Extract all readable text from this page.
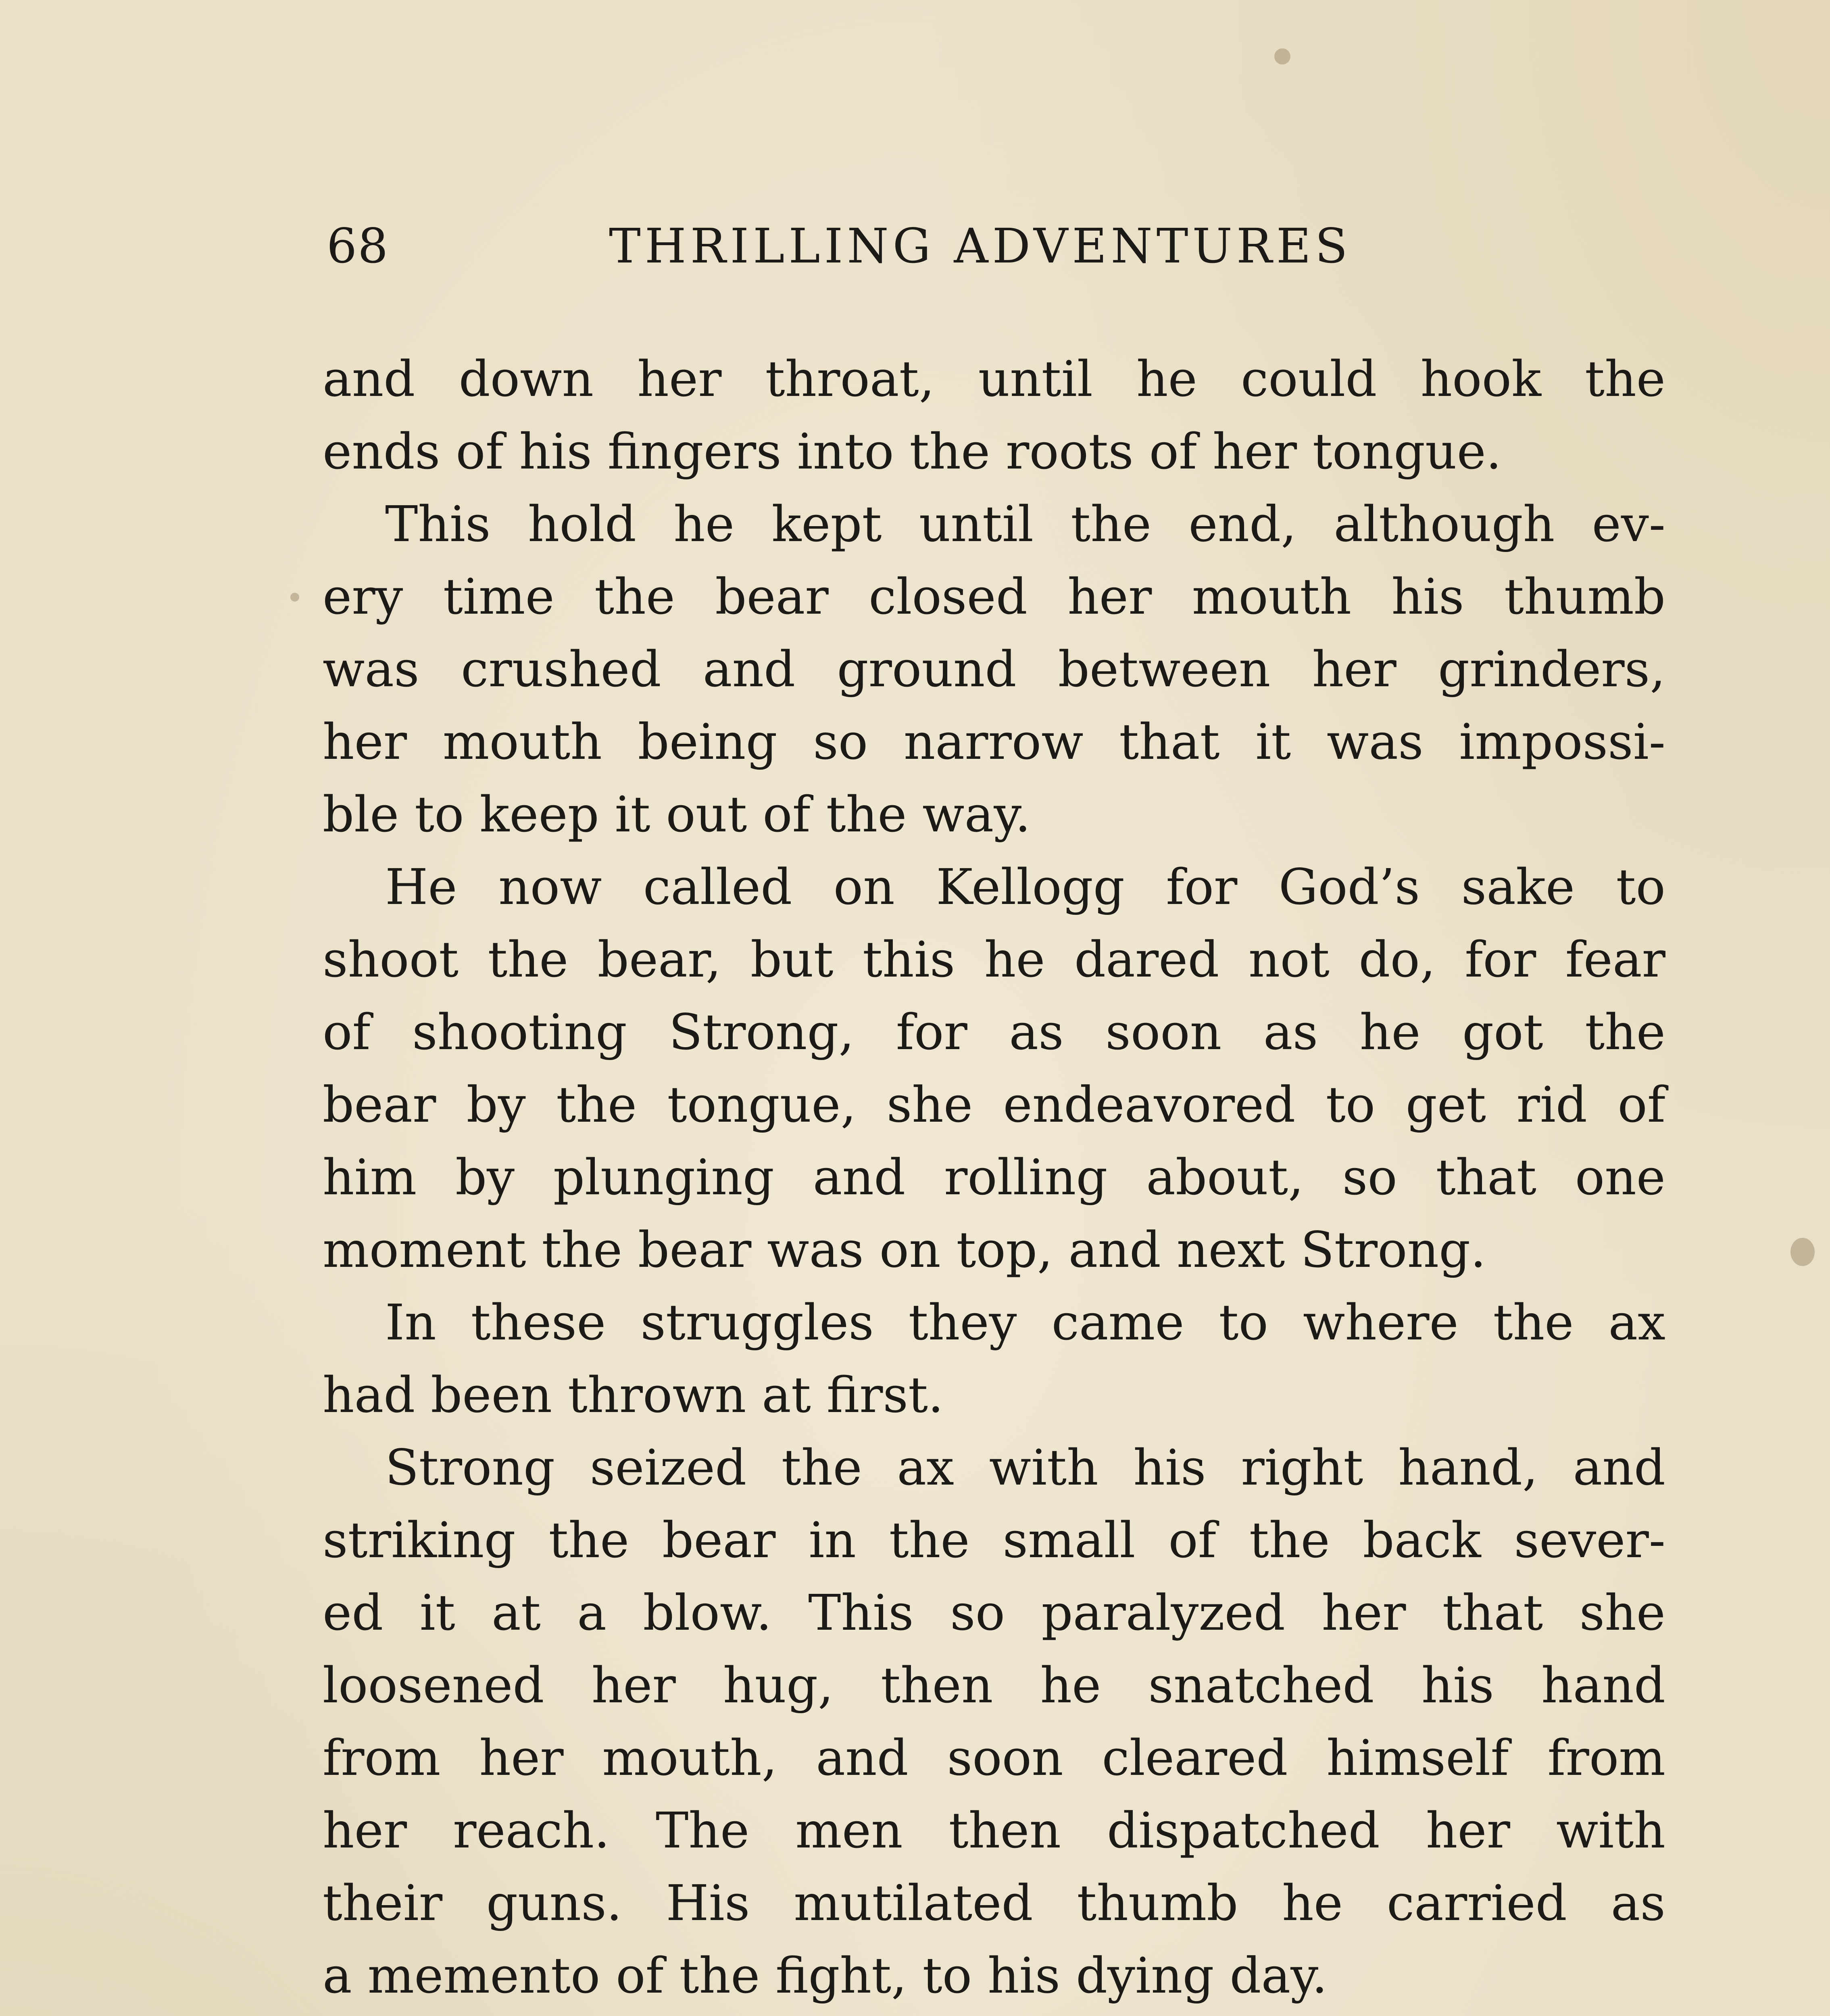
68	THRILLING ADVENTURES
and down her throat, until he could hook the
ends of his fingers into the roots of her tongue.
This hold he kept until the end, although ev-
ery time the bear closed her mouth his thumb
was crushed and ground between her grinders,
her mouth being so narrow that it was impossi-
ble to keep it out of the way.
He now called on Kellogg for God’s sake to
shoot the bear, but this he dared not do, for fear
of shooting Strong, for as soon as he got the
bear by the tongue, she endeavored to get rid of
him by plunging and rolling about, so that one
moment the bear was on top, and next Strong.
In these struggles they came to where the ax
had been thrown at first.
Strong seized the ax with his right hand, and
striking the bear in the small of the back sever-
ed it at a blow. This so paralyzed her that she
loosened her hug, then he snatched his hand
from her mouth, and soon cleared himself from
her reach. The men then dispatched her with
their guns. His mutilated thumb he carried as
a memento of the fight, to his dying day.
